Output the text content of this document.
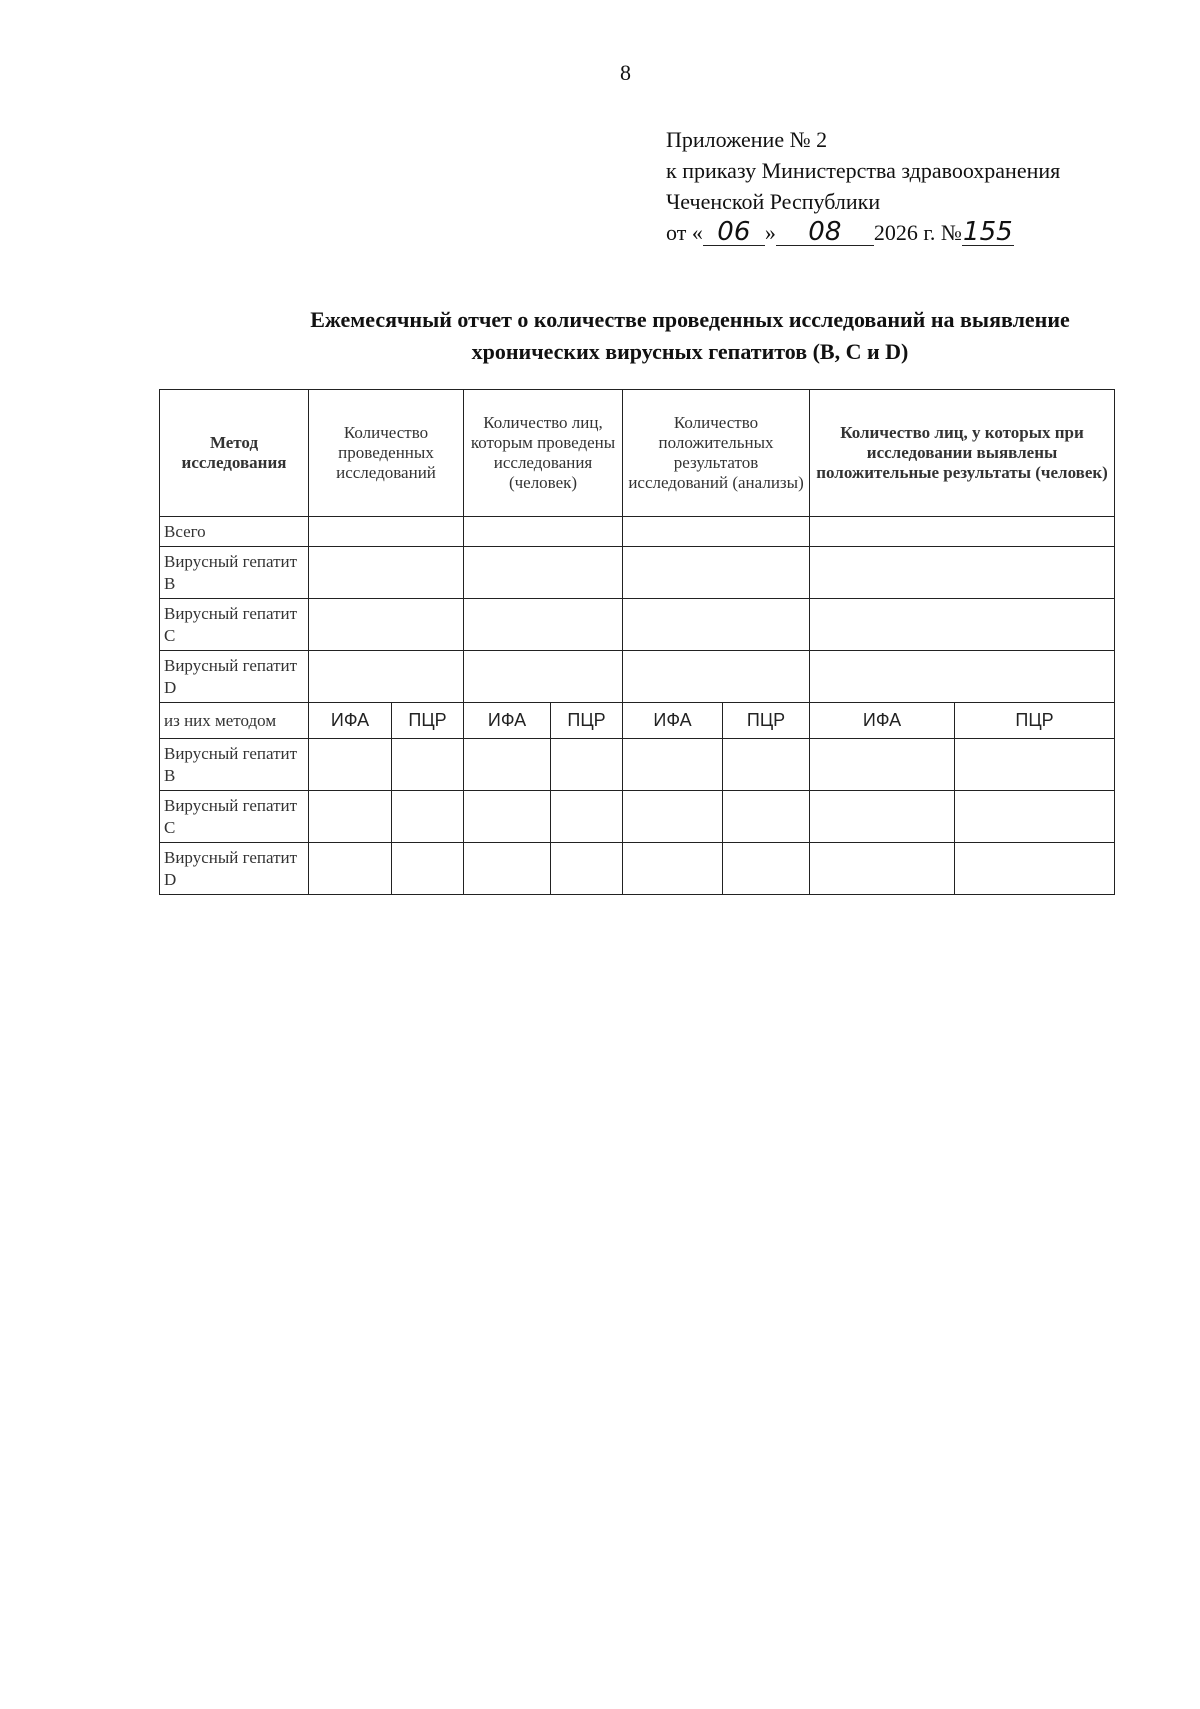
8
Приложение № 2
к приказу Министерства здравоохранения
Чеченской Республики
от « 06 » 08 2026 г. №155
Ежемесячный отчет о количестве проведенных исследований на выявление
хронических вирусных гепатитов (B, C и D)
Метод исследования	Количество проведенных исследований		Количество лиц, которым проведены исследования (человек)		Количество положительных результатов исследований (анализы)		Количество лиц, у которых при исследовании выявлены положительные результаты (человек)	
Всего								
Вирусный гепатит B								
Вирусный гепатит C								
Вирусный гепатит D								
из них методом	ИФА	ПЦР	ИФА	ПЦР	ИФА	ПЦР	ИФА	ПЦР
Вирусный гепатит B								
Вирусный гепатит C								
Вирусный гепатит D								
